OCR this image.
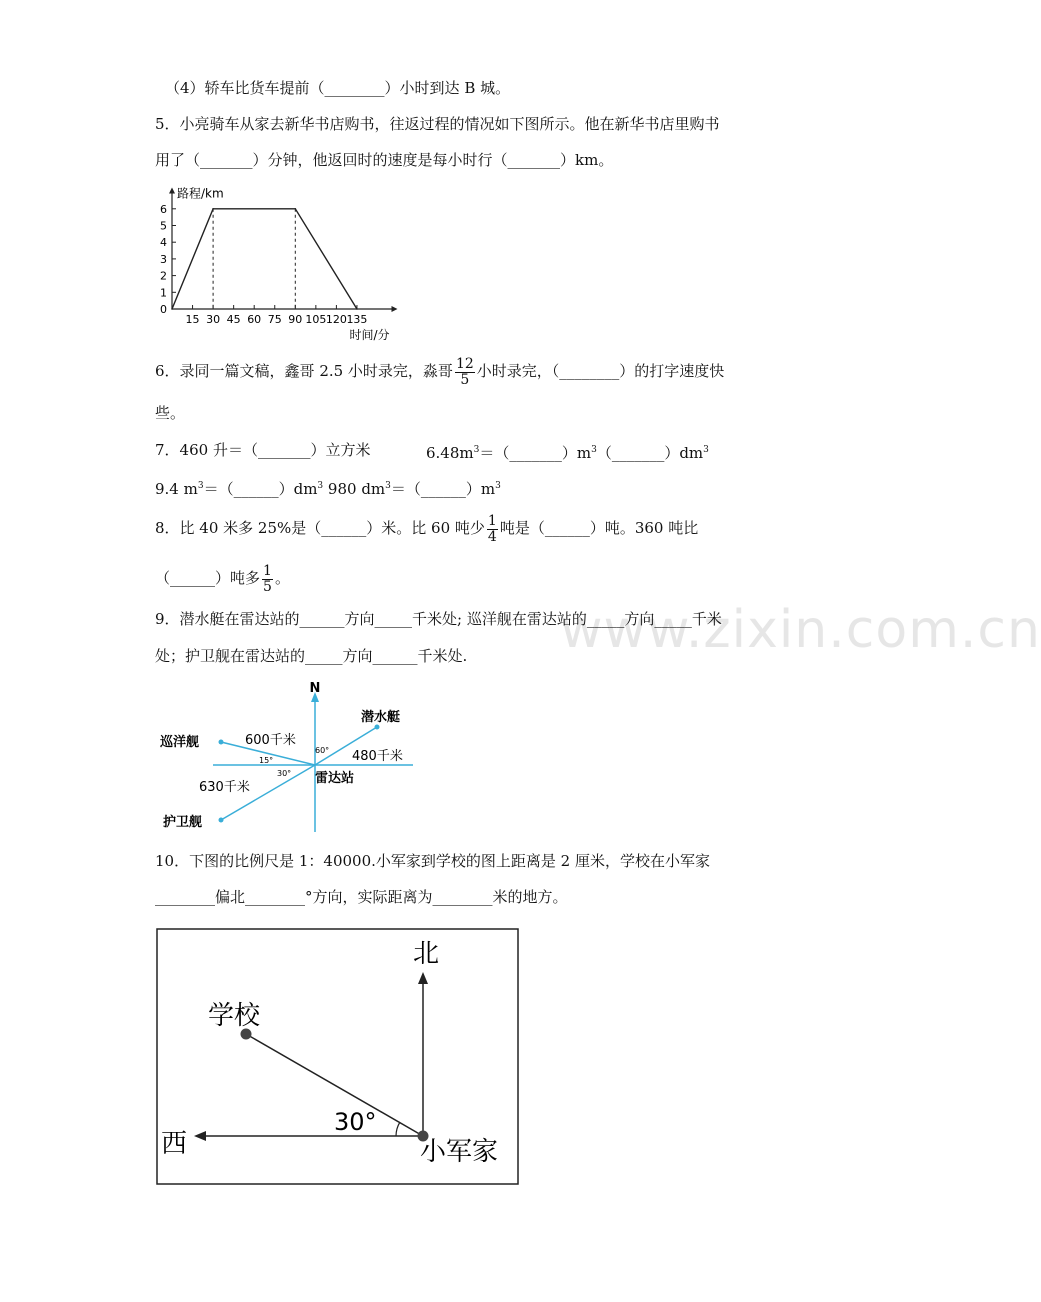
www.zixin.com.cn
（4）轿车比货车提前（________）小时到达 B 城。
5．小亮骑车从家去新华书店购书，往返过程的情况如下图所示。他在新华书店里购书
用了（_______）分钟，他返回时的速度是每小时行（_______）km。
0
1
2
3
4
5
6
15 30 45 60 75 90 105 120 135
路程/km
时间/分
6．录同一篇文稿，鑫哥 2.5 小时录完，淼哥 $\frac{12}{5}$ 小时录完，（________）的打字速度快
些。
7．460 升＝（_______）立方米	$6.48m^3=(\_\_\_\_\_\_\_)m^3(\_\_\_\_\_\_\_)dm^3$
9.4 $m^3=(\_\_\_\_\_\_)dm^3$ 980 $dm^3=(\_\_\_\_\_\_)m^3$
8．比 40 米多 25%是（______）米。比 60 吨少 $\frac{1}{4}$ 吨是（______）吨。360 吨比
（______）吨多 $\frac{1}{5}$ 。
9．潜水艇在雷达站的______方向_____千米处; 巡洋舰在雷达站的_____方向_____千米
处；护卫舰在雷达站的_____方向______千米处.
N
潜水艇
巡洋舰
护卫舰
600千米
480千米
630千米
15°
30°
60°
雷达站
10．下图的比例尺是 1：40000.小军家到学校的图上距离是 2 厘米，学校在小军家
________偏北________°方向，实际距离为________米的地方。
北
西
学校
小军家
30°
